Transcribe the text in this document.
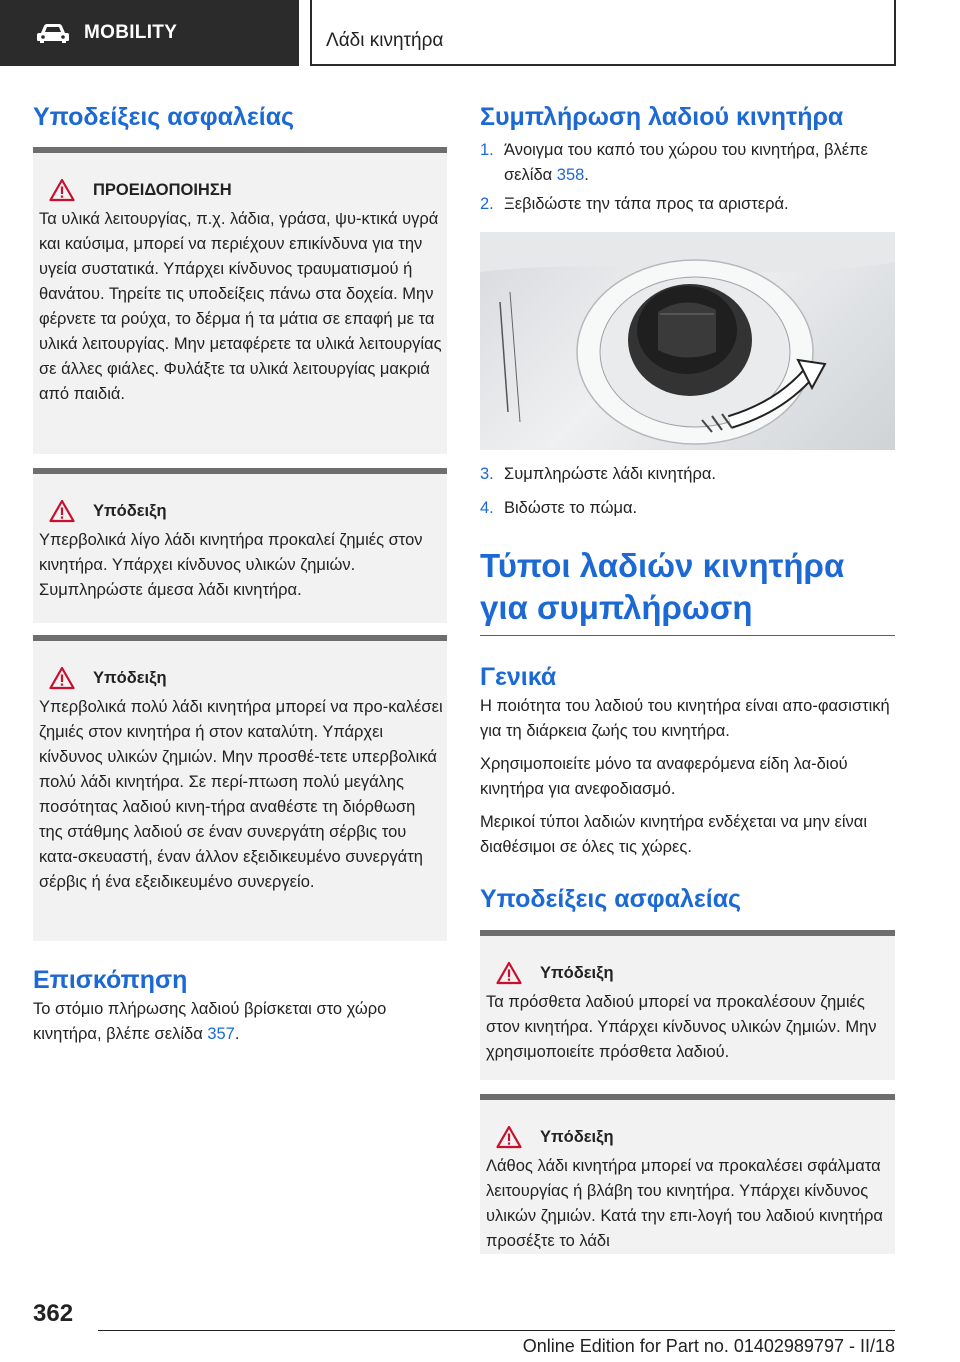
MOBILITY	Λάδι κινητήρα
Υποδείξεις ασφαλείας
ΠΡΟΕΙΔΟΠΟΙΗΣΗ

Τα υλικά λειτουργίας, π.χ. λάδια, γράσα, ψυ-κτικά υγρά και καύσιμα, μπορεί να περιέχουν επικίνδυνα για την υγεία συστατικά. Υπάρχει κίνδυνος τραυματισμού ή θανάτου. Τηρείτε τις υποδείξεις πάνω στα δοχεία. Μην φέρνετε τα ρούχα, το δέρμα ή τα μάτια σε επαφή με τα υλικά λειτουργίας. Μην μεταφέρετε τα υλικά λειτουργίας σε άλλες φιάλες. Φυλάξτε τα υλικά λειτουργίας μακριά από παιδιά.

Υπόδειξη

Υπερβολικά λίγο λάδι κινητήρα προκαλεί ζημιές στον κινητήρα. Υπάρχει κίνδυνος υλικών ζημιών. Συμπληρώστε άμεσα λάδι κινητήρα.

Υπόδειξη

Υπερβολικά πολύ λάδι κινητήρα μπορεί να προ-καλέσει ζημιές στον κινητήρα ή στον καταλύτη. Υπάρχει κίνδυνος υλικών ζημιών. Μην προσθέ-τετε υπερβολικά πολύ λάδι κινητήρα. Σε περί-πτωση πολύ μεγάλης ποσότητας λαδιού κινη-τήρα αναθέστε τη διόρθωση της στάθμης λαδιού σε έναν συνεργάτη σέρβις του κατα-σκευαστή, έναν άλλον εξειδικευμένο συνεργάτη σέρβις ή ένα εξειδικευμένο συνεργείο.

Επισκόπηση

Το στόμιο πλήρωσης λαδιού βρίσκεται στο χώρο κινητήρα, βλέπε σελίδα 357.

Συμπλήρωση λαδιού κινητήρα
1. Άνοιγμα του καπό του χώρου του κινητήρα, βλέπε σελίδα 358.
2. Ξεβιδώστε την τάπα προς τα αριστερά.
3. Συμπληρώστε λάδι κινητήρα.
4. Βιδώστε το πώμα.
Τύποι λαδιών κινητήρα για συμπλήρωση
Γενικά

Η ποιότητα του λαδιού του κινητήρα είναι απο-φασιστική για τη διάρκεια ζωής του κινητήρα.

Χρησιμοποιείτε μόνο τα αναφερόμενα είδη λα-διού κινητήρα για ανεφοδιασμό.

Μερικοί τύποι λαδιών κινητήρα ενδέχεται να μην είναι διαθέσιμοι σε όλες τις χώρες.

Υποδείξεις ασφαλείας
Υπόδειξη

Τα πρόσθετα λαδιού μπορεί να προκαλέσουν ζημιές στον κινητήρα. Υπάρχει κίνδυνος υλικών ζημιών. Μην χρησιμοποιείτε πρόσθετα λαδιού.

Υπόδειξη

Λάθος λάδι κινητήρα μπορεί να προκαλέσει σφάλματα λειτουργίας ή βλάβη του κινητήρα. Υπάρχει κίνδυνος υλικών ζημιών. Κατά την επι-λογή του λαδιού κινητήρα προσέξτε το λάδι

362
Online Edition for Part no. 01402989797 - II/18
